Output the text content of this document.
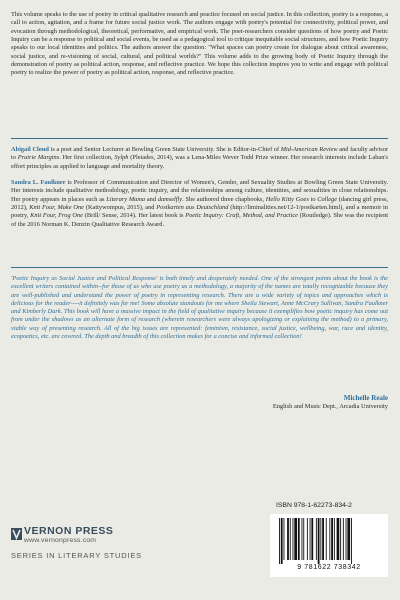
This volume speaks to the use of poetry in critical qualitative research and practice focused on social justice. In this collection, poetry is a response, a call to action, agitation, and a frame for future social justice work. The authors engage with poetry's potential for connectivity, political power, and evocation through methodological, theoretical, performative, and empirical work. The poet-researchers consider questions of how poetry and Poetic Inquiry can be a response to political and social events, be used as a pedagogical tool to critique inequitable social structures, and how Poetic Inquiry speaks to our local identities and politics. The authors answer the question: "What spaces can poetry create for dialogue about critical awareness, social justice, and re-visioning of social, cultural, and political worlds?" This volume adds to the growing body of Poetic Inquiry through the demonstration of poetry as political action, response, and reflective practice. We hope this collection inspires you to write and engage with political poetry to realize the power of poetry as political action, response, and reflective practice.
Abigail Cloud is a poet and Senior Lecturer at Bowling Green State University. She is Editor-in-Chief of Mid-American Review and faculty advisor to Prairie Margins. Her first collection, Sylph (Pleiades, 2014), was a Lena-Miles Wever Todd Prize winner. Her research interests include Laban's effort principles as applied to language and mortality theory.
Sandra L. Faulkner is Professor of Communication and Director of Women's, Gender, and Sexuality Studies at Bowling Green State University. Her interests include qualitative methodology, poetic inquiry, and the relationships among culture, identities, and sexualities in close relationships. Her poetry appears in places such as Literary Mama and damselfly. She authored three chapbooks, Hello Kitty Goes to College (dancing girl press, 2012), Knit Four, Make One (Kattywompus, 2015), and Postkarten aus Deutschland (http://liminalities.net/12-1/postkarten.html), and a memoir in poetry, Knit Four, Frog One (Brill/ Sense, 2014). Her latest book is Poetic Inquiry: Craft, Method, and Practice (Routledge). She was the recipient of the 2016 Norman K. Denzin Qualitative Research Award.
'Poetic Inquiry as Social Justice and Political Response' is both timely and desperately needed. One of the strongest points about the book is the excellent writers contained within--for those of us who use poetry as a methodology, a majority of the names are totally recognizable because they are well-published and understand the power of poetry in representing research. There are a wide variety of topics and approaches which is delicious for the reader----it definitely was for me! Some absolute standouts for me where Sheila Stewart, Anne McCrary Sullivan, Sandra Faulkner and Kimberly Dark. This book will have a massive impact in the field of qualitative inquiry because it exemplifies how poetic inquiry has come out from under the shadows as an alternate form of research (wherein researchers were always apologizing or explaining the method) to a primary, viable way of presenting research. All of the big issues are represented: feminism, resistance, social justice, wellbeing, war, race and identity, ecopoetics, etc. are covered. The depth and breadth of this collection makes for a concise and informed collection!
Michelle Reale
English and Music Dept., Arcadia University
ISBN 978-1-62273-834-2
9 781622 738342
VERNON PRESS
www.vernonpress.com
SERIES IN LITERARY STUDIES
